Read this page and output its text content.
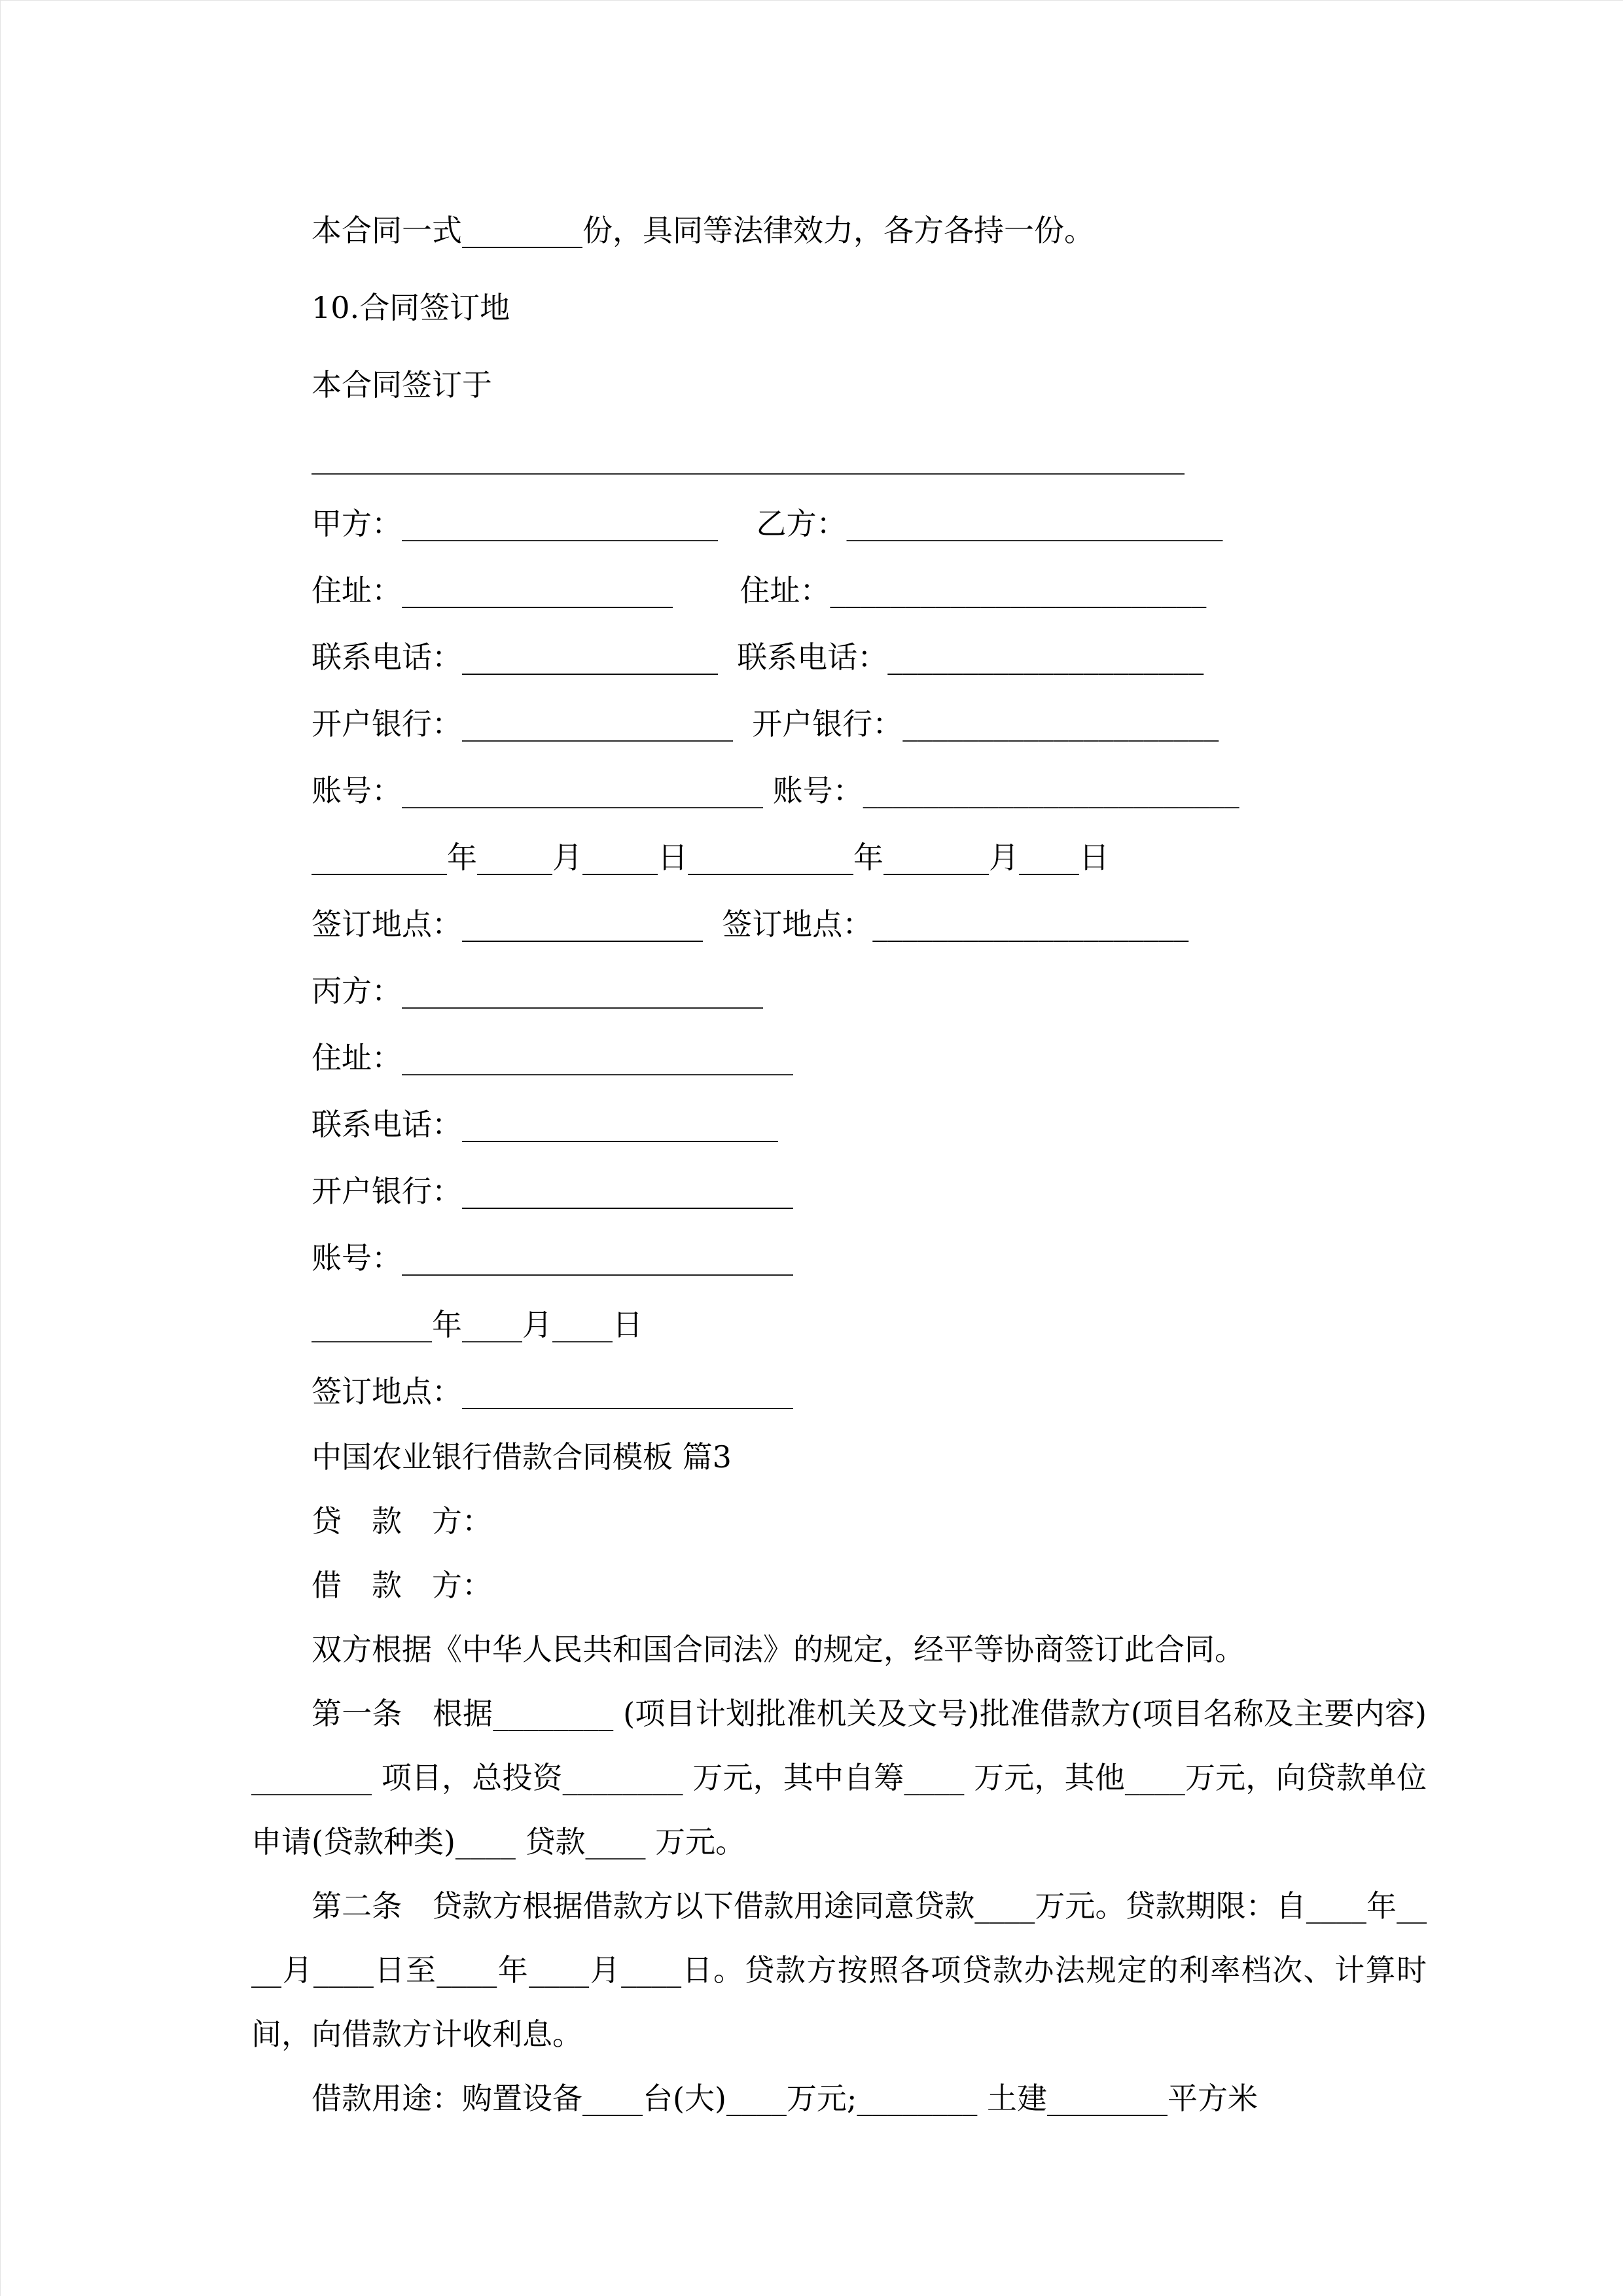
本合同一式________份，具同等法律效力，各方各持一份。

10.合同签订地

本合同签订于

__________________________________________________________

甲方：_____________________    乙方：_________________________

住址：__________________       住址：_________________________

联系电话：_________________  联系电话：_____________________

开户银行：__________________  开户银行：_____________________

账号：________________________ 账号：_________________________

_________年_____月_____日___________年_______月____日

签订地点：________________  签订地点：_____________________

丙方：________________________

住址：__________________________

联系电话：_____________________

开户银行：______________________

账号：__________________________

________年____月____日

签订地点：______________________

中国农业银行借款合同模板 篇3

贷　款　方：

借　款　方：

双方根据《中华人民共和国合同法》的规定，经平等协商签订此合同。

第一条　根据________ (项目计划批准机关及文号)批准借款方(项目名称及主要内容)________ 项目，总投资________ 万元，其中自筹____ 万元，其他____万元，向贷款单位申请(贷款种类)____ 贷款____ 万元。

第二条　贷款方根据借款方以下借款用途同意贷款____万元。贷款期限：自____年____月____日至____年____月____日。贷款方按照各项贷款办法规定的利率档次、计算时间，向借款方计收利息。

借款用途：购置设备____台(大)____万元;________ 土建________平方米
